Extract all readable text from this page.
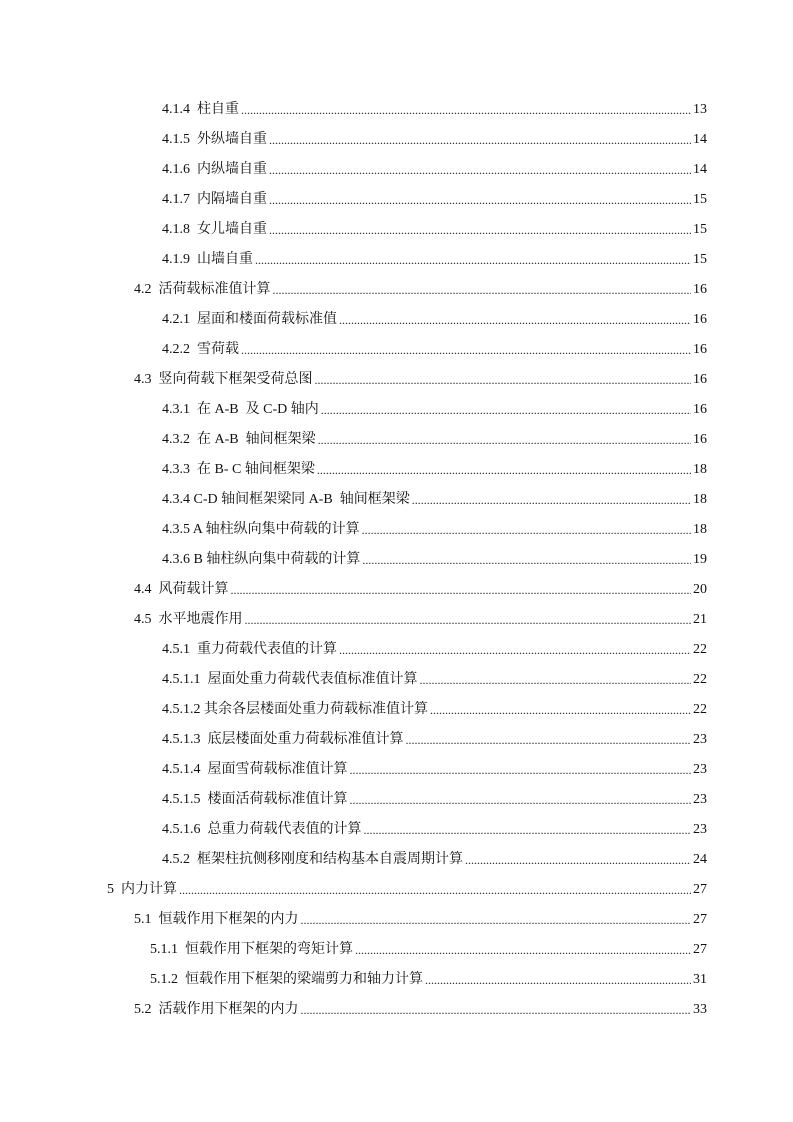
4.1.4  柱自重 .....	13
4.1.5  外纵墙自重 .....	14
4.1.6  内纵墙自重 .....	14
4.1.7  内隔墙自重 .....	15
4.1.8  女儿墙自重 .....	15
4.1.9  山墙自重 .....	15
4.2  活荷载标准值计算 .....	16
4.2.1  屋面和楼面荷载标准值 .....	16
4.2.2  雪荷载 .....	16
4.3  竖向荷载下框架受荷总图 .....	16
4.3.1  在 A-B  及 C-D 轴内 .....	16
4.3.2  在 A-B  轴间框架梁 .....	16
4.3.3  在 B- C 轴间框架梁 .....	18
4.3.4 C-D 轴间框架梁同 A-B  轴间框架梁 .....	18
4.3.5 A 轴柱纵向集中荷载的计算 .....	18
4.3.6 B 轴柱纵向集中荷载的计算 .....	19
4.4  风荷载计算 .....	20
4.5  水平地震作用 .....	21
4.5.1  重力荷载代表值的计算 .....	22
4.5.1.1  屋面处重力荷载代表值标准值计算 .....	22
4.5.1.2 其余各层楼面处重力荷载标准值计算 .....	22
4.5.1.3  底层楼面处重力荷载标准值计算 .....	23
4.5.1.4  屋面雪荷载标准值计算 .....	23
4.5.1.5  楼面活荷载标准值计算 .....	23
4.5.1.6  总重力荷载代表值的计算 .....	23
4.5.2  框架柱抗侧移刚度和结构基本自震周期计算 .....	24
5  内力计算 .....	27
5.1  恒载作用下框架的内力 .....	27
5.1.1  恒载作用下框架的弯矩计算 .....	27
5.1.2  恒载作用下框架的梁端剪力和轴力计算 .....	31
5.2  活载作用下框架的内力 .....	33
